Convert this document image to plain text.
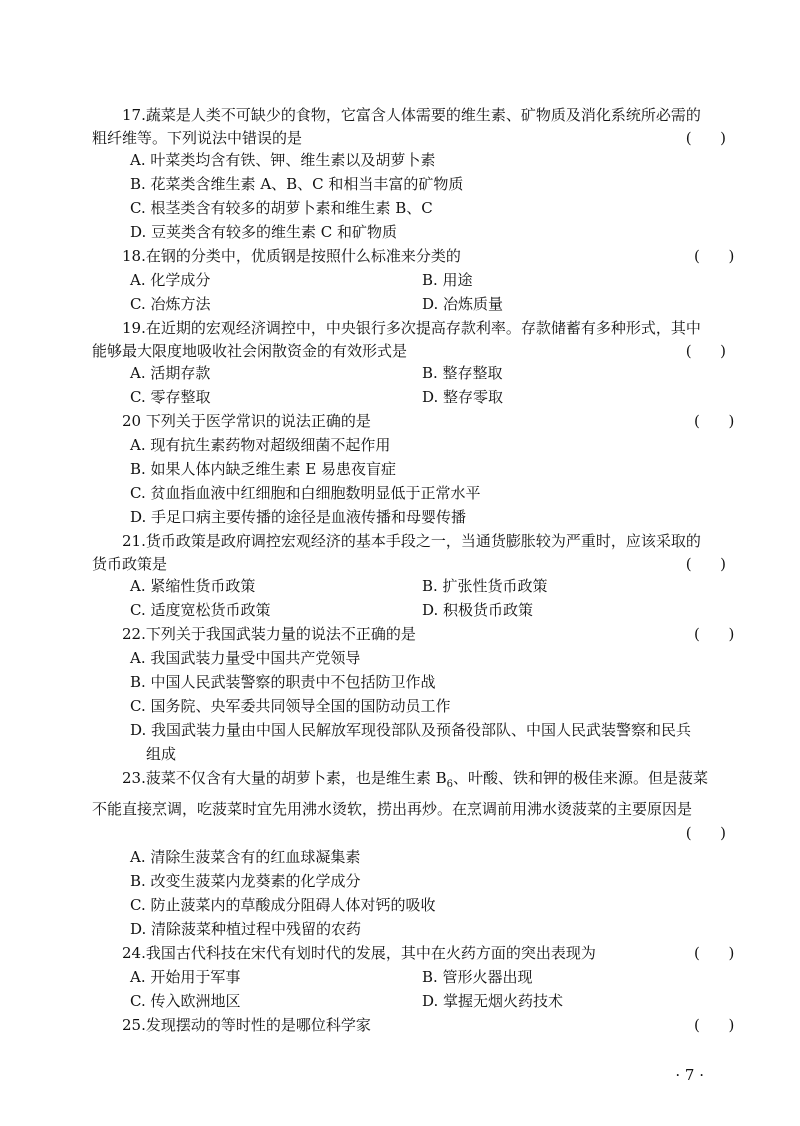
17.蔬菜是人类不可缺少的食物，它富含人体需要的维生素、矿物质及消化系统所必需的
粗纤维等。下列说法中错误的是	(      )
A. 叶菜类均含有铁、钾、维生素以及胡萝卜素
B. 花菜类含维生素 A、B、C 和相当丰富的矿物质
C. 根茎类含有较多的胡萝卜素和维生素 B、C
D. 豆荚类含有较多的维生素 C 和矿物质
18.在钢的分类中，优质钢是按照什么标准来分类的	(      )
A. 化学成分	B. 用途
C. 冶炼方法	D. 冶炼质量
19.在近期的宏观经济调控中，中央银行多次提高存款利率。存款储蓄有多种形式，其中
能够最大限度地吸收社会闲散资金的有效形式是	(      )
A. 活期存款	B. 整存整取
C. 零存整取	D. 整存零取
20 下列关于医学常识的说法正确的是	(      )
A. 现有抗生素药物对超级细菌不起作用
B. 如果人体内缺乏维生素 E 易患夜盲症
C. 贫血指血液中红细胞和白细胞数明显低于正常水平
D. 手足口病主要传播的途径是血液传播和母婴传播
21.货币政策是政府调控宏观经济的基本手段之一，当通货膨胀较为严重时，应该采取的
货币政策是	(      )
A. 紧缩性货币政策	B. 扩张性货币政策
C. 适度宽松货币政策	D. 积极货币政策
22.下列关于我国武装力量的说法不正确的是	(      )
A. 我国武装力量受中国共产党领导
B. 中国人民武装警察的职责中不包括防卫作战
C. 国务院、央军委共同领导全国的国防动员工作
D. 我国武装力量由中国人民解放军现役部队及预备役部队、中国人民武装警察和民兵
组成
23.菠菜不仅含有大量的胡萝卜素，也是维生素 $B_6$、叶酸、铁和钾的极佳来源。但是菠菜
不能直接烹调，吃菠菜时宜先用沸水烫软，捞出再炒。在烹调前用沸水烫菠菜的主要原因是
(      )
A. 清除生菠菜含有的红血球凝集素
B. 改变生菠菜内龙葵素的化学成分
C. 防止菠菜内的草酸成分阻碍人体对钙的吸收
D. 清除菠菜种植过程中残留的农药
24.我国古代科技在宋代有划时代的发展，其中在火药方面的突出表现为	(      )
A. 开始用于军事	B. 管形火器出现
C. 传入欧洲地区	D. 掌握无烟火药技术
25.发现摆动的等时性的是哪位科学家	(      )
· 7 ·
